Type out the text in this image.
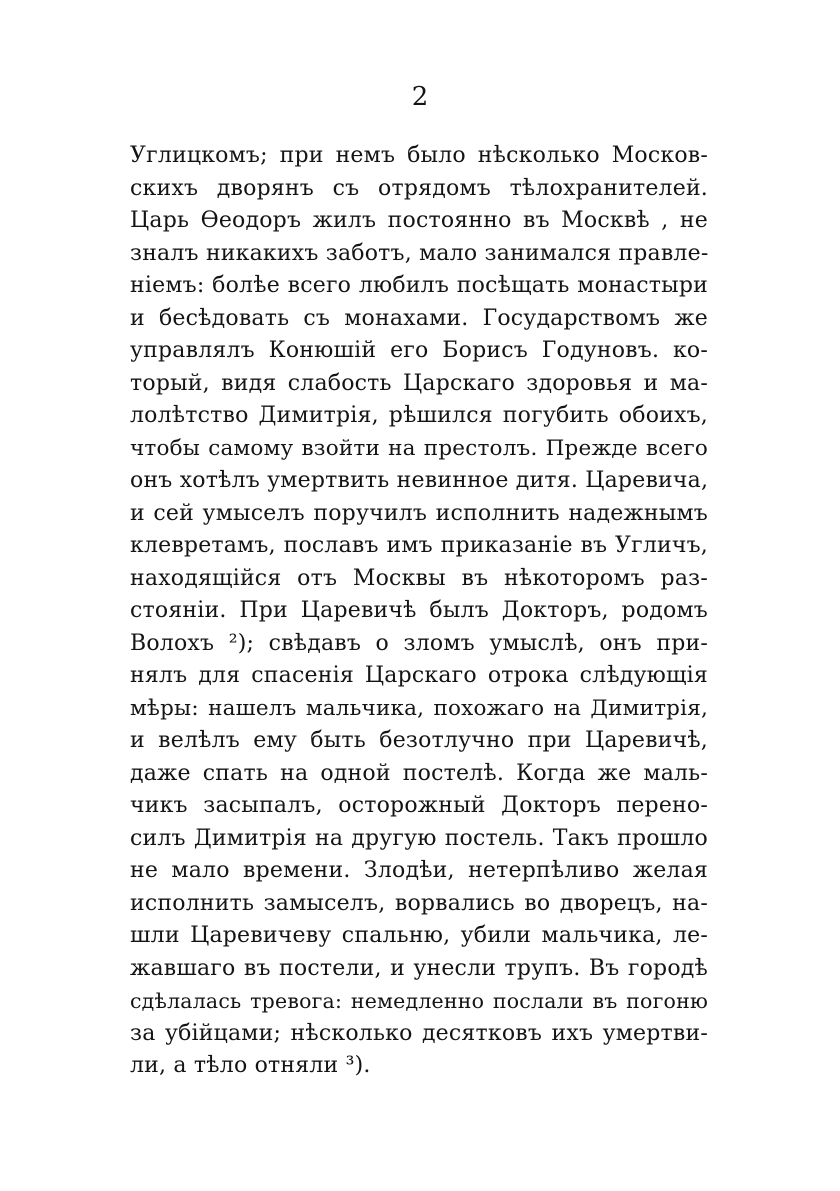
2
Углицкомъ; при немъ было нѣсколько Москов-
скихъ дворянъ съ отрядомъ тѣлохранителей.
Царь Ѳеодоръ жилъ постоянно въ Москвѣ , не
зналъ никакихъ заботъ, мало занимался правле-
ніемъ: болѣе всего любилъ посѣщать монастыри
и бесѣдовать съ монахами. Государствомъ же
управлялъ Конюшій его Борисъ Годуновъ. ко-
торый, видя слабость Царскаго здоровья и ма-
лолѣтство Димитрія, рѣшился погубить обоихъ,
чтобы самому взойти на престолъ. Прежде всего
онъ хотѣлъ умертвить невинное дитя. Царевича,
и сей умыселъ поручилъ исполнить надежнымъ
клевретамъ, пославъ имъ приказаніе въ Угличъ,
находящійся отъ Москвы въ нѣкоторомъ раз-
стояніи. При Царевичѣ былъ Докторъ, родомъ
Волохъ ²); свѣдавъ о зломъ умыслѣ, онъ при-
нялъ для спасенія Царскаго отрока слѣдующія
мѣры: нашелъ мальчика, похожаго на Димитрія,
и велѣлъ ему быть безотлучно при Царевичѣ,
даже спать на одной постелѣ. Когда же маль-
чикъ засыпалъ, осторожный Докторъ перено-
силъ Димитрія на другую постель. Такъ прошло
не мало времени. Злодѣи, нетерпѣливо желая
исполнить замыселъ, ворвались во дворецъ, на-
шли Царевичеву спальню, убили мальчика, ле-
жавшаго въ постели, и унесли трупъ. Въ городѣ
сдѣлалась тревога: немедленно послали въ погоню
за убійцами; нѣсколько десятковъ ихъ умертви-
ли, а тѣло отняли ³).
